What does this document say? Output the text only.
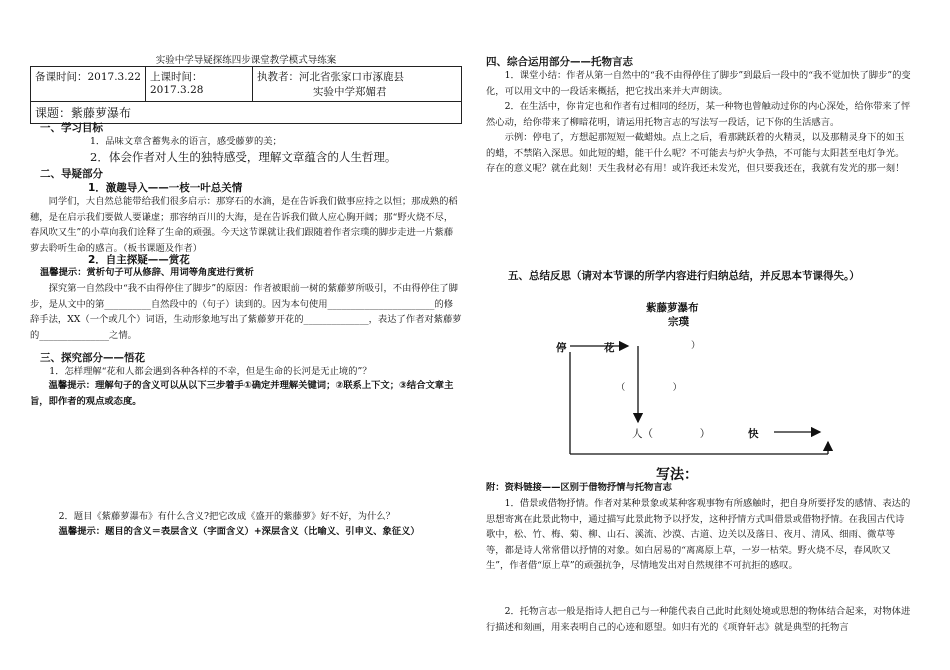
实验中学导疑探练四步课堂教学模式导练案
备课时间：2017.3.22	上课时间：2017.3.28	
执教者：河北省张家口市涿鹿县
实验中学郑媚君

课题：紫藤萝瀑布
一、学习目标
1．品味文章含蓄隽永的语言，感受藤萝的美；
2．体会作者对人生的独特感受，理解文章蕴含的人生哲理。
二、导疑部分
1．激趣导入——一枝一叶总关情
同学们，大自然总能带给我们很多启示：那穿石的水滴，是在告诉我们做事应持之以恒；那成熟的稻穗，是在启示我们要做人要谦虚；那容纳百川的大海，是在告诉我们做人应心胸开阔；那“野火烧不尽，春风吹又生”的小草向我们诠释了生命的顽强。今天这节课就让我们跟随着作者宗璞的脚步走进一片紫藤萝去聆听生命的感言。（板书课题及作者）
2．自主探疑——赏花
温馨提示：赏析句子可从修辞、用词等角度进行赏析
探究第一自然段中“我不由得停住了脚步”的原因：作者被眼前一树的紫藤萝所吸引，不由得停住了脚步，是从文中的第__________自然段中的（句子）读到的。因为本句使用_______________________的修辞手法，XX（一个或几个）词语，生动形象地写出了紫藤萝开花的______________，表达了作者对紫藤萝的_______________之情。
三、探究部分——悟花
1．怎样理解“花和人都会遇到各种各样的不幸，但是生命的长河是无止境的”？
温馨提示：理解句子的含义可以从以下三步着手①确定并理解关键词；②联系上下文；③结合文章主旨，即作者的观点或态度。
2．题目《紫藤萝瀑布》有什么含义?把它改成《盛开的紫藤萝》好不好，为什么？
温馨提示：题目的含义＝表层含义（字面含义）+深层含义（比喻义、引申义、象征义）
四、综合运用部分——托物言志
1．课堂小结：作者从第一自然中的“我不由得停住了脚步”到最后一段中的“我不觉加快了脚步”的变化，可以用文中的一段话来概括，把它找出来并大声朗读。
2．在生活中，你肯定也和作者有过相同的经历，某一种物也曾触动过你的内心深处，给你带来了怦然心动，给你带来了柳暗花明，请运用托物言志的写法写一段话，记下你的生活感言。
示例：停电了，方想起那短短一截蜡烛。点上之后，看那跳跃着的火精灵，以及那精灵身下的如玉的蜡，不禁陷入深思。如此短的蜡，能干什么呢？不可能去与炉火争热，不可能与太阳甚至电灯争光。存在的意义呢？就在此刻！天生我材必有用！或许我还未发光，但只要我还在，我就有发光的那一刻！
五、总结反思（请对本节课的所学内容进行归纳总结，并反思本节课得失。）
紫藤萝瀑布
宗璞
停	花	）
（                ）
人（              ）	快
写法：
附：资料链接——区别于借物抒情与托物言志
1．借景或借物抒情。作者对某种景象或某种客观事物有所感触时，把自身所要抒发的感情、表达的思想寄寓在此景此物中，通过描写此景此物予以抒发，这种抒情方式叫借景或借物抒情。在我国古代诗歌中，松、竹、梅、菊、柳、山石、溪流、沙漠、古道、边关以及落日、夜月、清风、细雨、微草等等，都是诗人常常借以抒情的对象。如白居易的“离离原上草，一岁一枯荣。野火烧不尽，春风吹又生”，作者借“原上草”的顽强抗争，尽情地发出对自然规律不可抗拒的感叹。
2．托物言志一般是指诗人把自己与一种能代表自己此时此刻处境或思想的物体结合起来，对物体进行描述和刻画，用来表明自己的心迹和愿望。如归有光的《项脊轩志》就是典型的托物言
